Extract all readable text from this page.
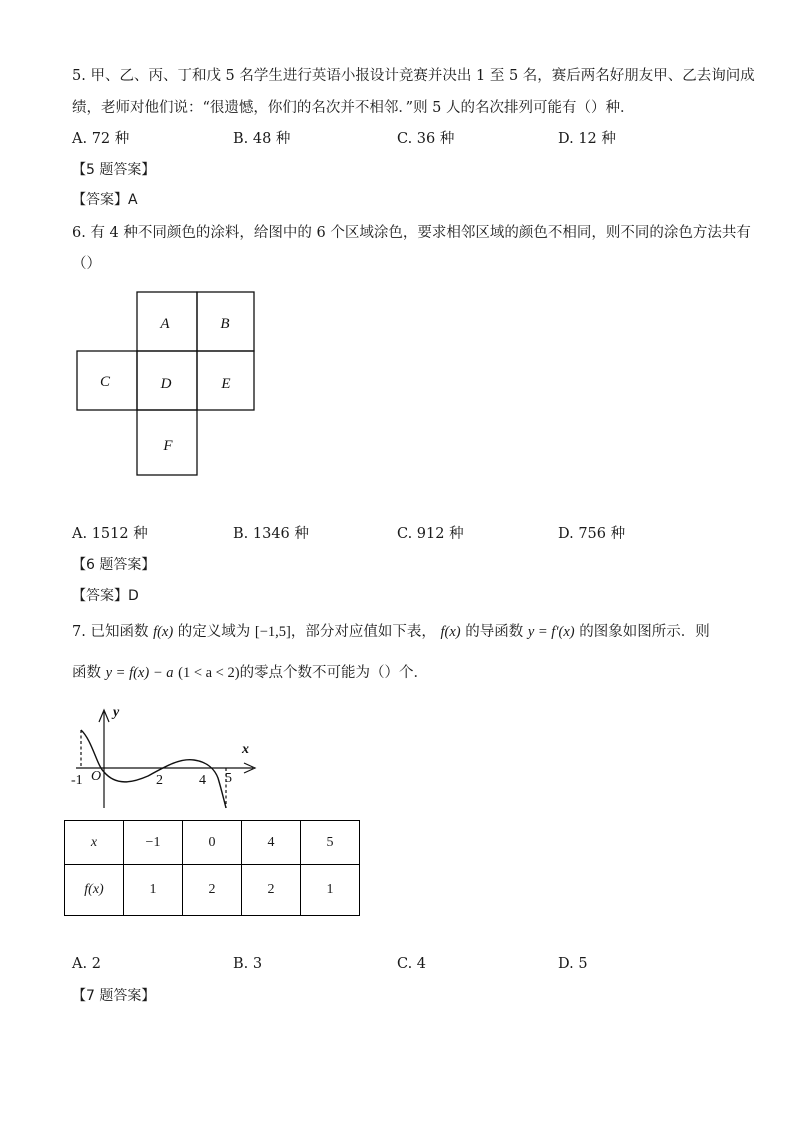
5. 甲、乙、丙、丁和戊 5 名学生进行英语小报设计竞赛并决出 1 至 5 名，赛后两名好朋友甲、乙去询问成
绩，老师对他们说：“很遗憾，你们的名次并不相邻．”则 5 人的名次排列可能有（）种．
A. 72 种	B. 48 种	C. 36 种	D. 12 种
【5 题答案】
【答案】A
6. 有 4 种不同颜色的涂料，给图中的 6 个区域涂色，要求相邻区域的颜色不相同，则不同的涂色方法共有
（）
A	B
C	D	E
F
A. 1512 种	B. 1346 种	C. 912 种	D. 756 种
【6 题答案】
【答案】D
7. 已知函数 f(x) 的定义域为 [−1,5]，部分对应值如下表， f(x) 的导函数 y = f′(x) 的图象如图所示．则
函数 y = f(x) − a (1 < a < 2)的零点个数不可能为（）个．
y
x
O
-1	2	4 5
x	−1	0	4	5
f(x)	1	2	2	1
A. 2	B. 3	C. 4	D. 5
【7 题答案】
